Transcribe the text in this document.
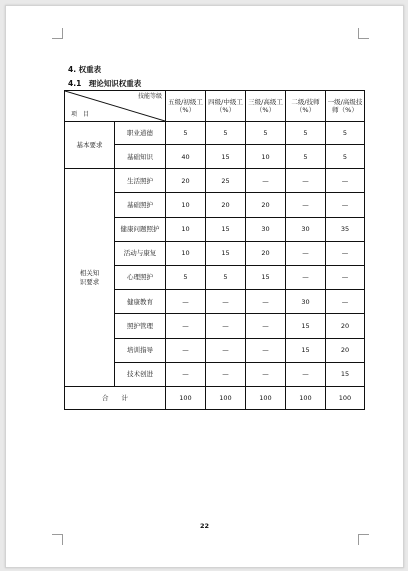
4. 权重表
4.1　理论知识权重表
技能等级
项　目		五级/初级工（%）	四级/中级工（%）	三级/高级工（%）	二级/技师（%）	一级/高级技师（%）
基本要求	职业道德	5	5	5	5	5
	基础知识	40	15	10	5	5
相关知识要求	生活照护	20	25	—	—	—
	基础照护	10	20	20	—	—
	健康问题照护	10	15	30	30	35
	活动与康复	10	15	20	—	—
	心理照护	5	5	15	—	—
	健康教育	—	—	—	30	—
	照护管理	—	—	—	15	20
	培训指导	—	—	—	15	20
	技术创进	—	—	—	—	15
合　　计		100	100	100	100	100
22
